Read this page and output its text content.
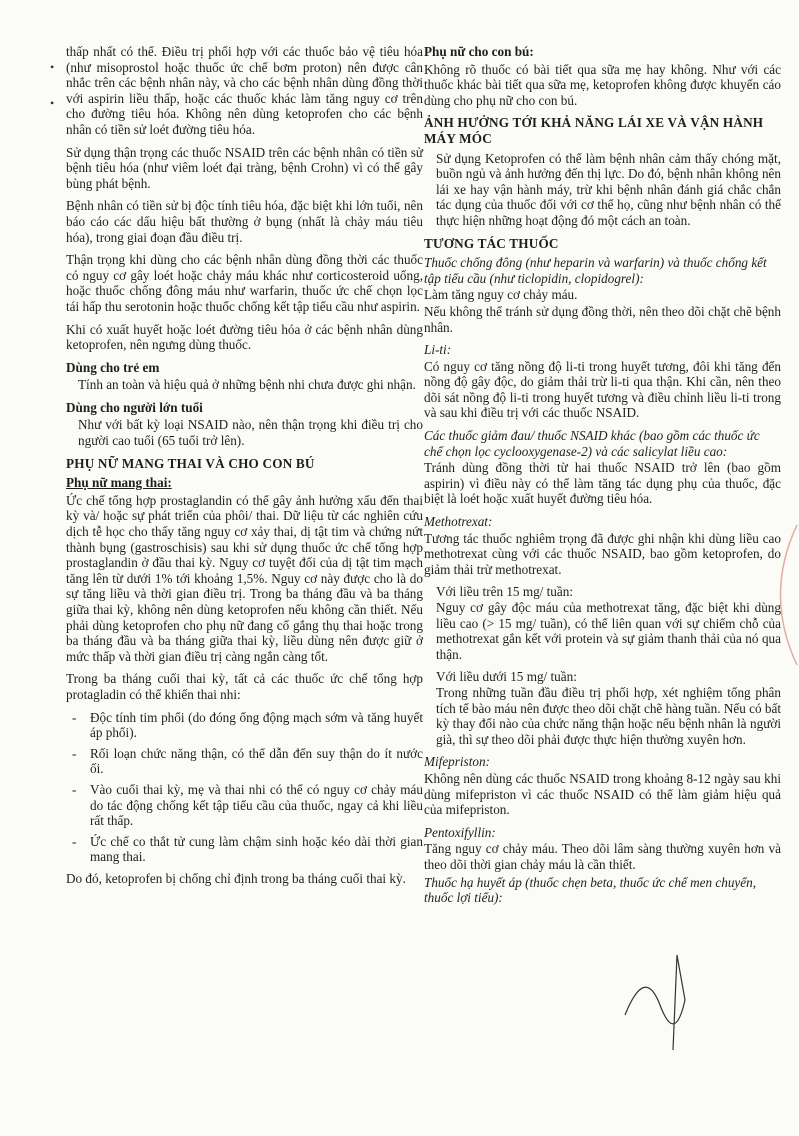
•
•

thấp nhất có thể. Điều trị phối hợp với các thuốc bảo vệ tiêu hóa (như misoprostol hoặc thuốc ức chế bơm proton) nên được cân nhắc trên các bệnh nhân này, và cho các bệnh nhân dùng đồng thời với aspirin liều thấp, hoặc các thuốc khác làm tăng nguy cơ trên cho đường tiêu hóa. Không nên dùng ketoprofen cho các bệnh nhân có tiền sử loét đường tiêu hóa.

Sử dụng thận trọng các thuốc NSAID trên các bệnh nhân có tiền sử bệnh tiêu hóa (như viêm loét đại tràng, bệnh Crohn) vì có thể gây bùng phát bệnh.

Bệnh nhân có tiền sử bị độc tính tiêu hóa, đặc biệt khi lớn tuổi, nên báo cáo các dấu hiệu bất thường ở bụng (nhất là chảy máu tiêu hóa), trong giai đoạn đầu điều trị.

Thận trọng khi dùng cho các bệnh nhân dùng đồng thời các thuốc có nguy cơ gây loét hoặc chảy máu khác như corticosteroid uống, hoặc thuốc chống đông máu như warfarin, thuốc ức chế chọn lọc tái hấp thu serotonin hoặc thuốc chống kết tập tiểu cầu như aspirin.

Khi có xuất huyết hoặc loét đường tiêu hóa ở các bệnh nhân dùng ketoprofen, nên ngưng dùng thuốc.

Dùng cho trẻ em

Tính an toàn và hiệu quả ở những bệnh nhi chưa được ghi nhận.

Dùng cho người lớn tuổi

Như với bất kỳ loại NSAID nào, nên thận trọng khi điều trị cho người cao tuổi (65 tuổi trở lên).

PHỤ NỮ MANG THAI VÀ CHO CON BÚ
Phụ nữ mang thai:

Ức chế tổng hợp prostaglandin có thể gây ảnh hưởng xấu đến thai kỳ và/ hoặc sự phát triển của phôi/ thai. Dữ liệu từ các nghiên cứu dịch tễ học cho thấy tăng nguy cơ xảy thai, dị tật tim và chứng nứt thành bụng (gastroschisis) sau khi sử dụng thuốc ức chế tổng hợp prostaglandin ở đầu thai kỳ. Nguy cơ tuyệt đối của dị tật tim mạch tăng lên từ dưới 1% tới khoảng 1,5%. Nguy cơ này được cho là do sự tăng liều và thời gian điều trị. Trong ba tháng đầu và ba tháng giữa thai kỳ, không nên dùng ketoprofen nếu không cần thiết. Nếu phải dùng ketoprofen cho phụ nữ đang cố gắng thụ thai hoặc trong ba tháng đầu và ba tháng giữa thai kỳ, liều dùng nên được giữ ở mức thấp và thời gian điều trị càng ngắn càng tốt.

Trong ba tháng cuối thai kỳ, tất cả các thuốc ức chế tổng hợp protagladin có thể khiến thai nhi:

- Độc tính tim phổi (do đóng ống động mạch sớm và tăng huyết áp phổi).
- Rối loạn chức năng thận, có thể dẫn đến suy thận do ít nước ối.
- Vào cuối thai kỳ, mẹ và thai nhi có thể có nguy cơ chảy máu do tác động chống kết tập tiểu cầu của thuốc, ngay cả khi liều rất thấp.
- Ức chế co thắt tử cung làm chậm sinh hoặc kéo dài thời gian mang thai.

Do đó, ketoprofen bị chống chỉ định trong ba tháng cuối thai kỳ.

Phụ nữ cho con bú:

Không rõ thuốc có bài tiết qua sữa mẹ hay không. Như với các thuốc khác bài tiết qua sữa mẹ, ketoprofen không được khuyến cáo dùng cho phụ nữ cho con bú.

ẢNH HƯỞNG TỚI KHẢ NĂNG LÁI XE VÀ VẬN HÀNH MÁY MÓC

Sử dụng Ketoprofen có thể làm bệnh nhân cảm thấy chóng mặt, buồn ngủ và ảnh hưởng đến thị lực. Do đó, bệnh nhân không nên lái xe hay vận hành máy, trừ khi bệnh nhân đánh giá chắc chắn tác dụng của thuốc đối với cơ thể họ, cũng như bệnh nhân có thể thực hiện những hoạt động đó một cách an toàn.

TƯƠNG TÁC THUỐC
Thuốc chống đông (như heparin và warfarin) và thuốc chống kết tập tiểu cầu (như ticlopidin, clopidogrel):

Làm tăng nguy cơ chảy máu.

Nếu không thể tránh sử dụng đồng thời, nên theo dõi chặt chẽ bệnh nhân.

Li-ti:

Có nguy cơ tăng nồng độ li-ti trong huyết tương, đôi khi tăng đến nồng độ gây độc, do giảm thải trừ li-ti qua thận. Khi cần, nên theo dõi sát nồng độ li-ti trong huyết tương và điều chỉnh liều li-ti trong và sau khi điều trị với các thuốc NSAID.

Các thuốc giảm đau/ thuốc NSAID khác (bao gồm các thuốc ức chế chọn lọc cyclooxygenase-2) và các salicylat liều cao:

Tránh dùng đồng thời từ hai thuốc NSAID trở lên (bao gồm aspirin) vì điều này có thể làm tăng tác dụng phụ của thuốc, đặc biệt là loét hoặc xuất huyết đường tiêu hóa.

Methotrexat:

Tương tác thuốc nghiêm trọng đã được ghi nhận khi dùng liều cao methotrexat cùng với các thuốc NSAID, bao gồm ketoprofen, do giảm thải trừ methotrexat.

Với liều trên 15 mg/ tuần:

Nguy cơ gây độc máu của methotrexat tăng, đặc biệt khi dùng liều cao (> 15 mg/ tuần), có thể liên quan với sự chiếm chỗ của methotrexat gắn kết với protein và sự giảm thanh thải của nó qua thận.

Với liều dưới 15 mg/ tuần:

Trong những tuần đầu điều trị phối hợp, xét nghiệm tổng phân tích tế bào máu nên được theo dõi chặt chẽ hàng tuần. Nếu có bất kỳ thay đổi nào của chức năng thận hoặc nếu bệnh nhân là người già, thì sự theo dõi phải được thực hiện thường xuyên hơn.

Mifepriston:

Không nên dùng các thuốc NSAID trong khoảng 8-12 ngày sau khi dùng mifepriston vì các thuốc NSAID có thể làm giảm hiệu quả của mifepriston.

Pentoxifyllin:

Tăng nguy cơ chảy máu. Theo dõi lâm sàng thường xuyên hơn và theo dõi thời gian chảy máu là cần thiết.

Thuốc hạ huyết áp (thuốc chẹn beta, thuốc ức chế men chuyển, thuốc lợi tiểu):
